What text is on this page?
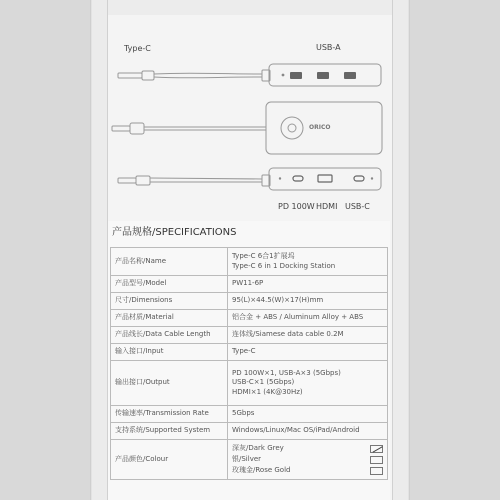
Type-C	USB-A
ORICO
PD 100W HDMI USB-C
产品规格/SPECIFICATIONS
产品名称/Name	Type-C 6合1扩展坞
Type-C 6 in 1 Docking Station

产品型号/Model	PW11-6P

尺寸/Dimensions	95(L)×44.5(W)×17(H)mm

产品材质/Material	铝合金 + ABS / Aluminum Alloy + ABS

产品线长/Data Cable Length	连体线/Siamese data cable 0.2M

输入接口/Input	Type-C

输出接口/Output	PD 100W×1, USB-A×3 (5Gbps)
USB-C×1 (5Gbps)
HDMI×1 (4K@30Hz)

传输速率/Transmission Rate	5Gbps

支持系统/Supported System	Windows/Linux/Mac OS/iPad/Android

产品颜色/Colour	深灰/Dark Grey
银/Silver
玫瑰金/Rose Gold
